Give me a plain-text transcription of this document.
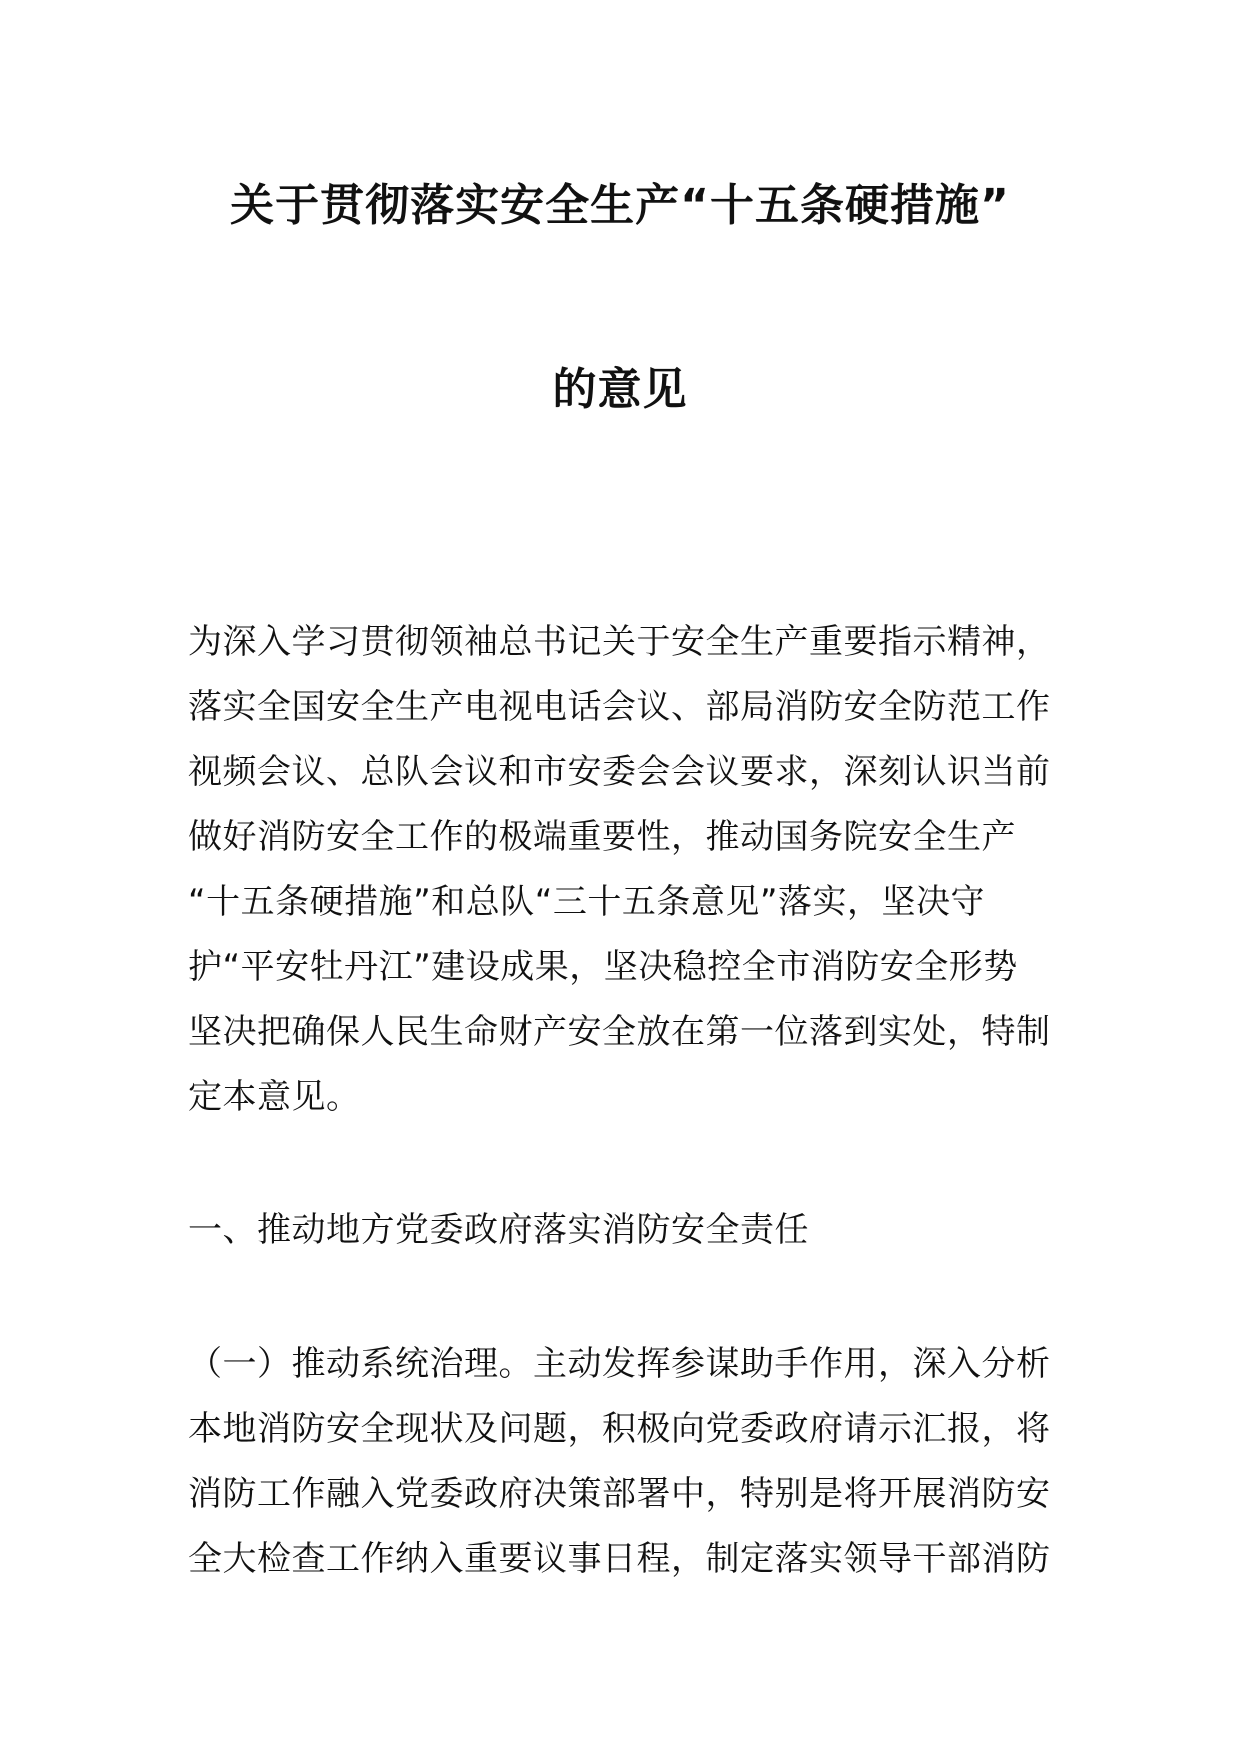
关于贯彻落实安全生产“十五条硬措施”
的意见
为深入学习贯彻领袖总书记关于安全生产重要指示精神，
落实全国安全生产电视电话会议、部局消防安全防范工作
视频会议、总队会议和市安委会会议要求，深刻认识当前
做好消防安全工作的极端重要性，推动国务院安全生产
“十五条硬措施”和总队“三十五条意见”落实，坚决守
护“平安牡丹江”建设成果，坚决稳控全市消防安全形势
坚决把确保人民生命财产安全放在第一位落到实处，特制
定本意见。
一、推动地方党委政府落实消防安全责任
（一）推动系统治理。主动发挥参谋助手作用，深入分析
本地消防安全现状及问题，积极向党委政府请示汇报，将
消防工作融入党委政府决策部署中，特别是将开展消防安
全大检查工作纳入重要议事日程，制定落实领导干部消防
